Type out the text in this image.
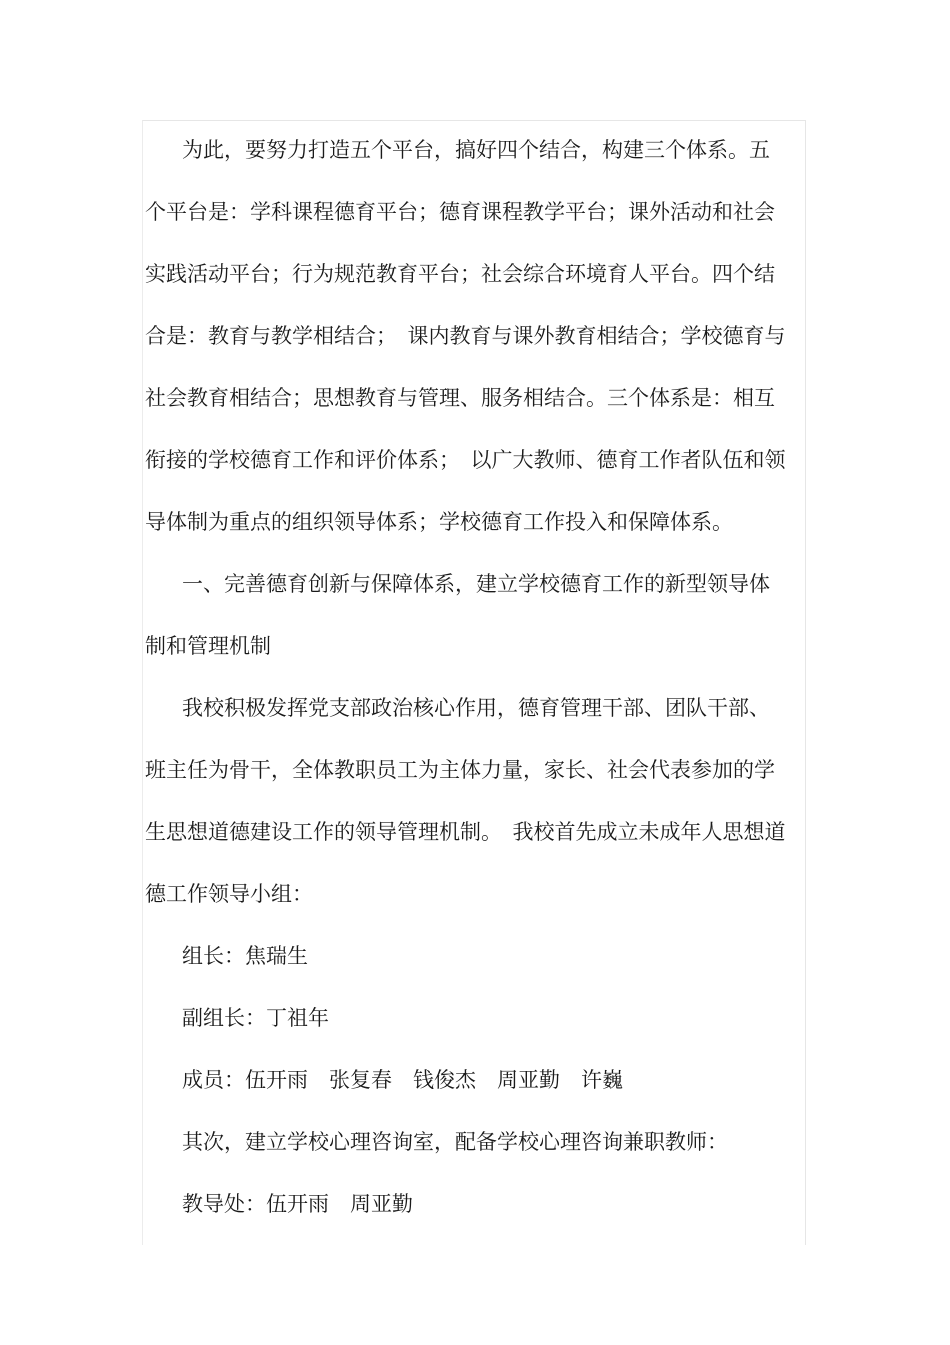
为此，要努力打造五个平台，搞好四个结合，构建三个体系。五
个平台是：学科课程德育平台；德育课程教学平台；课外活动和社会
实践活动平台；行为规范教育平台；社会综合环境育人平台。四个结
合是：教育与教学相结合；　课内教育与课外教育相结合；学校德育与
社会教育相结合；思想教育与管理、服务相结合。三个体系是：相互
衔接的学校德育工作和评价体系；　以广大教师、德育工作者队伍和领
导体制为重点的组织领导体系；学校德育工作投入和保障体系。
一、完善德育创新与保障体系，建立学校德育工作的新型领导体
制和管理机制
我校积极发挥党支部政治核心作用，德育管理干部、团队干部、
班主任为骨干，全体教职员工为主体力量，家长、社会代表参加的学
生思想道德建设工作的领导管理机制。　我校首先成立未成年人思想道
德工作领导小组：
组长：焦瑞生
副组长：丁祖年
成员：伍开雨　张复春　钱俊杰　周亚勤　许巍
其次，建立学校心理咨询室，配备学校心理咨询兼职教师：
教导处：伍开雨　周亚勤
